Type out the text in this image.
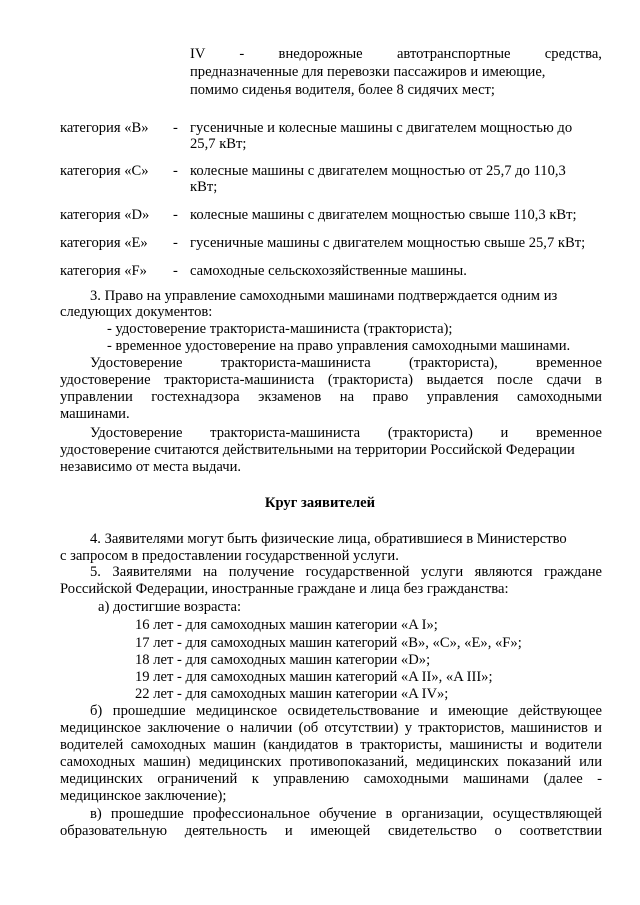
IV - внедорожные автотранспортные средства,
предназначенные для перевозки пассажиров и имеющие,
помимо сиденья водителя, более 8 сидячих мест;
категория «B»	- гусеничные и колесные машины с двигателем мощностью до
25,7 кВт;
категория «C»	- колесные машины с двигателем мощностью от 25,7 до 110,3
кВт;
категория «D»	- колесные машины с двигателем мощностью свыше 110,3 кВт;
категория «E»	- гусеничные машины с двигателем мощностью свыше 25,7 кВт;
категория «F»	- самоходные сельскохозяйственные машины.
3. Право на управление самоходными машинами подтверждается одним из
следующих документов:
- удостоверение тракториста-машиниста (тракториста);
- временное удостоверение на право управления самоходными машинами.
Удостоверение тракториста-машиниста (тракториста), временное
удостоверение тракториста-машиниста (тракториста) выдается после сдачи в
управлении гостехнадзора экзаменов на право управления самоходными
машинами.
Удостоверение тракториста-машиниста (тракториста) и временное
удостоверение считаются действительными на территории Российской Федерации
независимо от места выдачи.
Круг заявителей
4. Заявителями могут быть физические лица, обратившиеся в Министерство
с запросом в предоставлении государственной услуги.
5. Заявителями на получение государственной услуги являются граждане
Российской Федерации, иностранные граждане и лица без гражданства:
а) достигшие возраста:
16 лет - для самоходных машин категории «A I»;
17 лет - для самоходных машин категорий «B», «C», «E», «F»;
18 лет - для самоходных машин категории «D»;
19 лет - для самоходных машин категорий «A II», «A III»;
22 лет - для самоходных машин категории «A IV»;
б) прошедшие медицинское освидетельствование и имеющие действующее
медицинское заключение о наличии (об отсутствии) у трактористов, машинистов и
водителей самоходных машин (кандидатов в трактористы, машинисты и водители
самоходных машин) медицинских противопоказаний, медицинских показаний или
медицинских ограничений к управлению самоходными машинами (далее -
медицинское заключение);
в) прошедшие профессиональное обучение в организации, осуществляющей
образовательную деятельность и имеющей свидетельство о соответствии
